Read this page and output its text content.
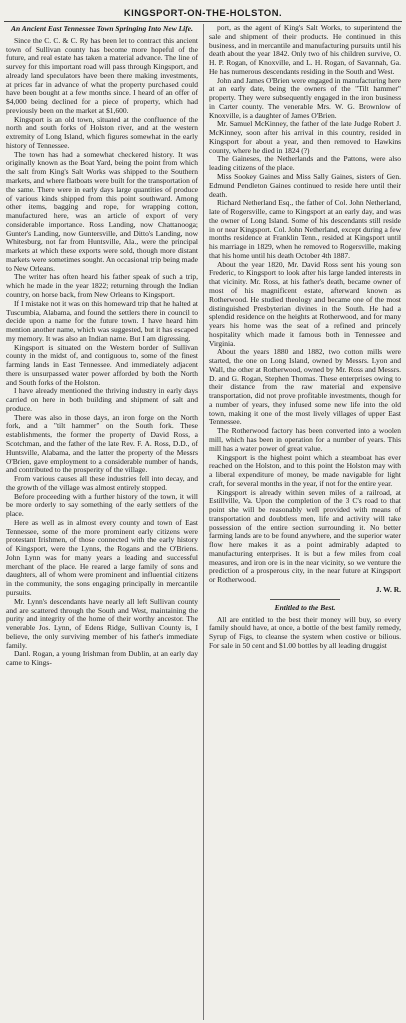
KINGSPORT-ON-THE-HOLSTON.
An Ancient East Tennessee Town Springing Into New Life.

Since the C. C. & C. Ry has been let to contract this ancient town of Sullivan county has become more hopeful of the future, and real estate has taken a material advance. The line of survey for this important road will pass through Kingsport, and already land speculators have been there making investments, at prices far in advance of what the property purchased could have been bought at a few months since. I heard of an offer of $4,000 being declined for a piece of property, which had previously been on the market at $1,600.

Kingsport is an old town, situated at the confluence of the north and south forks of Holston river, and at the western extremity of Long Island, which figures somewhat in the early history of Tennessee.

The town has had a somewhat checkered history. It was originally known as the Boat Yard, being the point from which the salt from King's Salt Works was shipped to the Southern markets, and where flatboats were built for the transportation of the same. There were in early days large quantities of produce of various kinds shipped from this point southward. Among other items, bagging and rope, for wrapping cotton, manufactured here, was an article of export of very considerable importance. Ross Landing, now Chattanooga; Gunter's Landing, now Guntersville, and Ditto's Landing, now Whitesburg, not far from Huntsville, Ala., were the principal markets at which these exports were sold, though more distant markets were sometimes sought. An occasional trip being made to New Orleans.

The writer has often heard his father speak of such a trip, which he made in the year 1822; returning through the Indian country, on horse back, from New Orleans to Kingsport.

If I mistake not it was on this homeward trip that he halted at Tuscumbia, Alabama, and found the settlers there in council to decide upon a name for the future town. I have heard him mention another name, which was suggested, but it has escaped my memory. It was also an Indian name. But I am digressing.

Kingsport is situated on the Western border of Sullivan county in the midst of, and contiguous to, some of the finest farming lands in East Tennessee. And immediately adjacent there is unsurpassed water power afforded by both the North and South forks of the Holston.

I have already mentioned the thriving industry in early days carried on here in both building and shipment of salt and produce.

There was also in those days, an iron forge on the North fork, and a "tilt hammer" on the South fork. These establishments, the former the property of David Ross, a Scotchman, and the father of the late Rev. F. A. Ross, D.D., of Huntsville, Alabama, and the latter the property of the Messrs O'Brien, gave employment to a considerable number of hands, and contributed to the prosperity of the village.

From various causes all these industries fell into decay, and the growth of the village was almost entirely stopped.

Before proceeding with a further history of the town, it will be more orderly to say something of the early settlers of the place.

Here as well as in almost every county and town of East Tennessee, some of the more prominent early citizens were protestant Irishmen, of those connected with the early history of Kingsport, were the Lynns, the Rogans and the O'Briens. John Lynn was for many years a leading and successful merchant of the place. He reared a large family of sons and daughters, all of whom were prominent and influential citizens in the community, the sons engaging principally in mercantile pursuits.

Mr. Lynn's descendants have nearly all left Sullivan county and are scattered through the South and West, maintaining the purity and integrity of the home of their worthy ancestor. The venerable Jos. Lynn, of Edens Ridge, Sullivan County is, I believe, the only surviving member of his father's immediate family.

Danl. Rogan, a young Irishman from Dublin, at an early day came to Kings-

port, as the agent of King's Salt Works, to superintend the sale and shipment of their products. He continued in this business, and in mercantile and manufacturing pursuits until his death about the year 1842. Only two of his children survive, O. H. P. Rogan, of Knoxville, and L. H. Rogan, of Savannah, Ga. He has numerous descendants residing in the South and West.

John and James O'Brien were engaged in manufacturing here at an early date, being the owners of the "Tilt hammer" property. They were subsequently engaged in the iron business in Carter county. The venerable Mrs. W. G. Brownlow of Knoxville, is a daughter of James O'Brien.

Mr. Samuel McKinney, the father of the late Judge Robert J. McKinney, soon after his arrival in this country, resided in Kingsport for about a year, and then removed to Hawkins county, where he died in 1824 (?)

The Gaineses, the Netherlands and the Pattons, were also leading citizens of the place.

Miss Sookey Gaines and Miss Sally Gaines, sisters of Gen. Edmund Pendleton Gaines continued to reside here until their death.

Richard Netherland Esq., the father of Col. John Netherland, late of Rogersville, came to Kingsport at an early day, and was the owner of Long Island. Some of his descendants still reside in or near Kingsport. Col. John Netherland, except during a few months residence at Franklin Tenn., resided at Kingsport until his marriage in 1829, when he removed to Rogersville, making that his home until his death October 4th 1887.

About the year 1820, Mr. David Ross sent his young son Frederic, to Kingsport to look after his large landed interests in that vicinity. Mr. Ross, at his father's death, became owner of most of his magnificent estate, afterward known as Rotherwood. He studied theology and became one of the most distinguished Presbyterian divines in the South. He had a splendid residence on the heights at Rotherwood, and for many years his home was the seat of a refined and princely hospitality which made it famous both in Tennessee and Virginia.

About the years 1880 and 1882, two cotton mills were started, the one on Long Island, owned by Messrs. Lyon and Wall, the other at Rotherwood, owned by Mr. Ross and Messrs. D. and G. Rogan, Stephen Thomas. These enterprises owing to their distance from the raw material and expensive transportation, did not prove profitable investments, though for a number of years, they infused some new life into the old town, making it one of the most lively villages of upper East Tennessee.

The Rotherwood factory has been converted into a woolen mill, which has been in operation for a number of years. This mill has a water power of great value.

Kingsport is the highest point which a steamboat has ever reached on the Holston, and to this point the Holston may with a liberal expenditure of money, be made navigable for light craft, for several months in the year, if not for the entire year.

Kingsport is already within seven miles of a railroad, at Estillville, Va. Upon the completion of the 3 C's road to that point she will be reasonably well provided with means of transportation and doubtless men, life and activity will take possession of the entire section surrounding it. No better farming lands are to be found anywhere, and the superior water flow here makes it as a point admirably adapted to manufacturing enterprises. It is but a few miles from coal measures, and iron ore is in the near vicinity, so we venture the prediction of a prosperous city, in the near future at Kingsport or Rotherwood.

J. W. R.
Entitled to the Best.

All are entitled to the best their money will buy, so every family should have, at once, a bottle of the best family remedy, Syrup of Figs, to cleanse the system when costive or bilious. For sale in 50 cent and $1.00 bottles by all leading druggist
